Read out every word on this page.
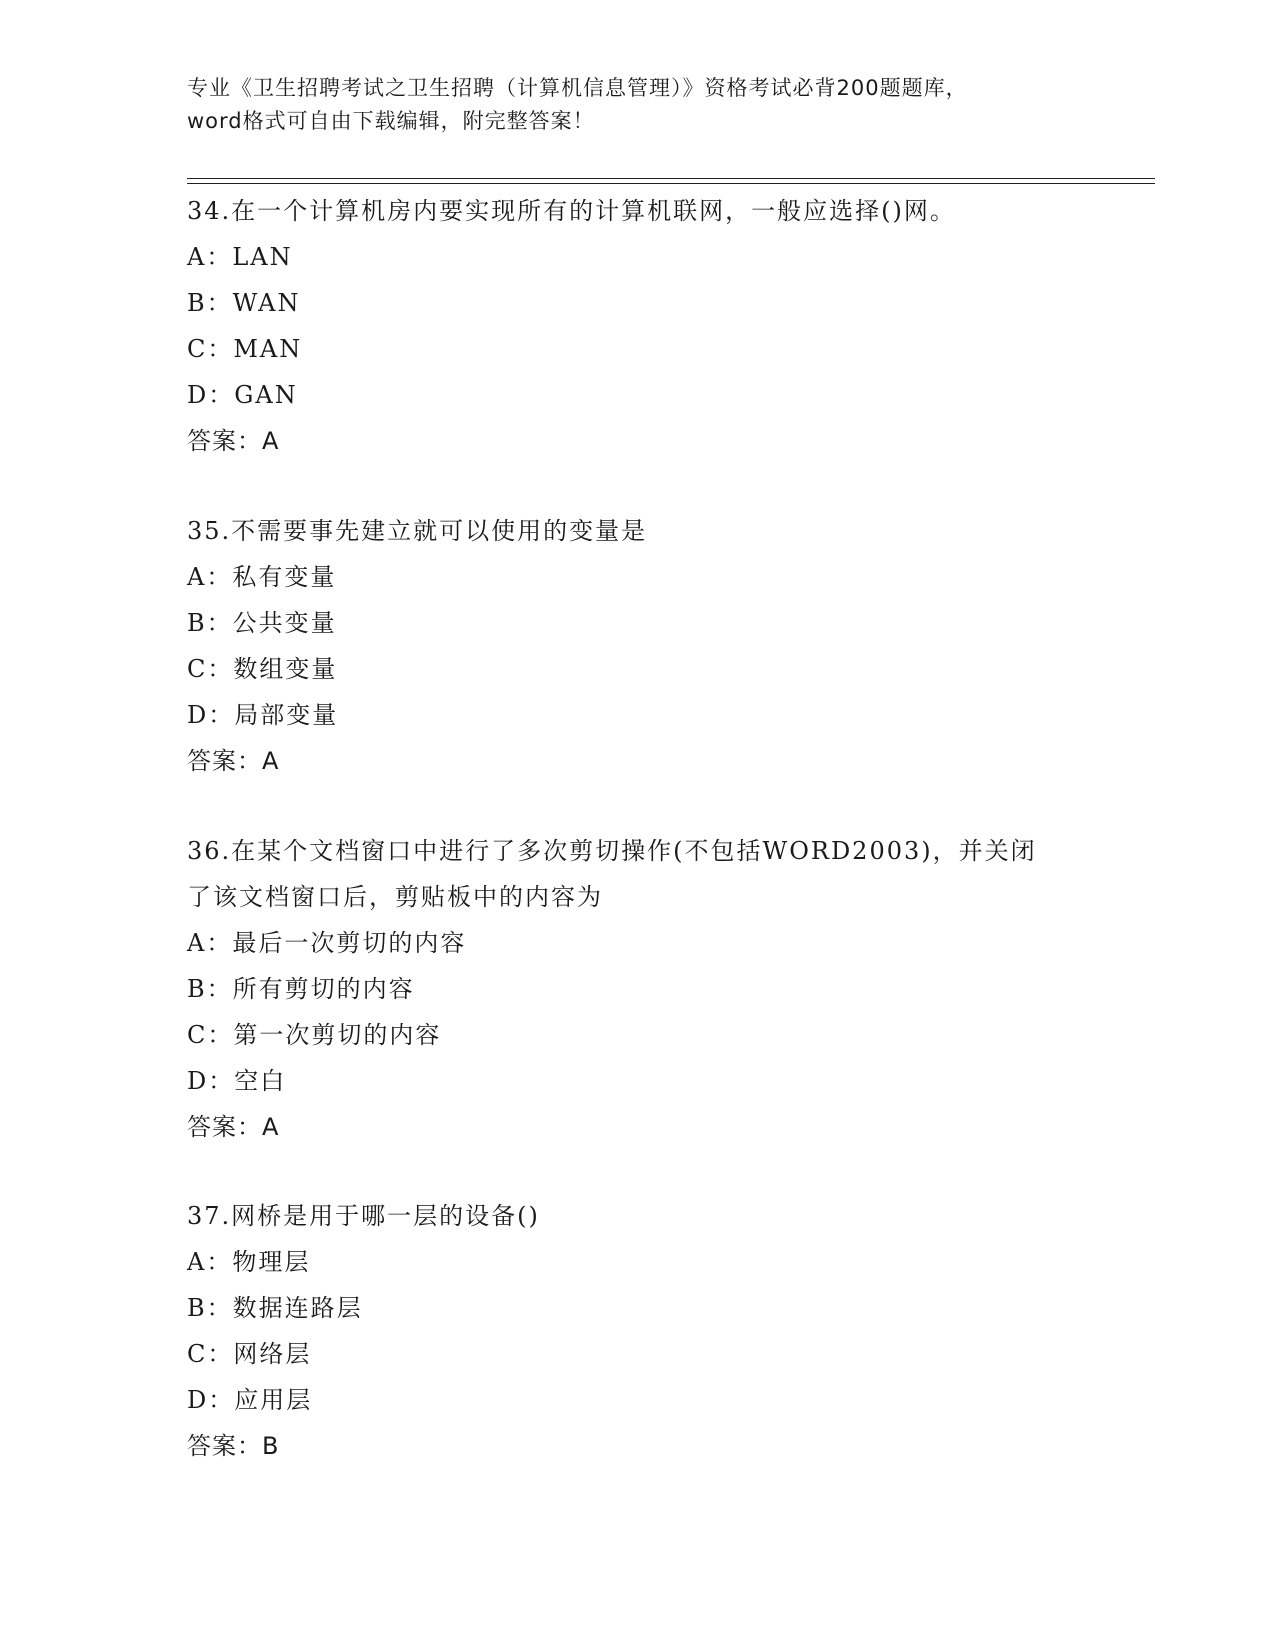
专业《卫生招聘考试之卫生招聘（计算机信息管理）》资格考试必背200题题库，
word格式可自由下载编辑，附完整答案！
34.在一个计算机房内要实现所有的计算机联网，一般应选择()网。
A：LAN
B：WAN
C：MAN
D：GAN
答案：A
35.不需要事先建立就可以使用的变量是
A：私有变量
B：公共变量
C：数组变量
D：局部变量
答案：A
36.在某个文档窗口中进行了多次剪切操作(不包括WORD2003)，并关闭
了该文档窗口后，剪贴板中的内容为
A：最后一次剪切的内容
B：所有剪切的内容
C：第一次剪切的内容
D：空白
答案：A
37.网桥是用于哪一层的设备()
A：物理层
B：数据连路层
C：网络层
D：应用层
答案：B
